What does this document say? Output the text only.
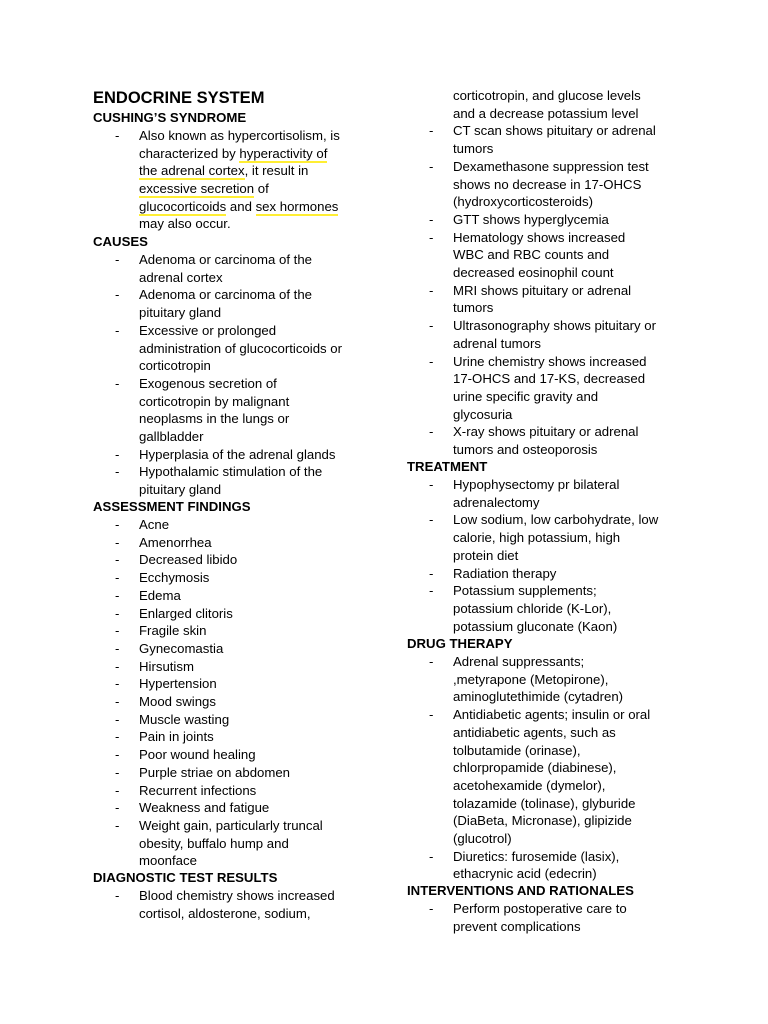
ENDOCRINE SYSTEM
CUSHING’S SYNDROME
- Also known as hypercortisolism, is
characterized by hyperactivity of
the adrenal cortex, it result in
excessive secretion of
glucocorticoids and sex hormones
may also occur.
CAUSES
- Adenoma or carcinoma of the
adrenal cortex
- Adenoma or carcinoma of the
pituitary gland
- Excessive or prolonged
administration of glucocorticoids or
corticotropin
- Exogenous secretion of
corticotropin by malignant
neoplasms in the lungs or
gallbladder
- Hyperplasia of the adrenal glands
- Hypothalamic stimulation of the
pituitary gland
ASSESSMENT FINDINGS
- Acne
- Amenorrhea
- Decreased libido
- Ecchymosis
- Edema
- Enlarged clitoris
- Fragile skin
- Gynecomastia
- Hirsutism
- Hypertension
- Mood swings
- Muscle wasting
- Pain in joints
- Poor wound healing
- Purple striae on abdomen
- Recurrent infections
- Weakness and fatigue
- Weight gain, particularly truncal
obesity, buffalo hump and
moonface
DIAGNOSTIC TEST RESULTS
- Blood chemistry shows increased
cortisol, aldosterone, sodium,
corticotropin, and glucose levels
and a decrease potassium level
- CT scan shows pituitary or adrenal
tumors
- Dexamethasone suppression test
shows no decrease in 17-OHCS
(hydroxycorticosteroids)
- GTT shows hyperglycemia
- Hematology shows increased
WBC and RBC counts and
decreased eosinophil count
- MRI shows pituitary or adrenal
tumors
- Ultrasonography shows pituitary or
adrenal tumors
- Urine chemistry shows increased
17-OHCS and 17-KS, decreased
urine specific gravity and
glycosuria
- X-ray shows pituitary or adrenal
tumors and osteoporosis
TREATMENT
- Hypophysectomy pr bilateral
adrenalectomy
- Low sodium, low carbohydrate, low
calorie, high potassium, high
protein diet
- Radiation therapy
- Potassium supplements;
potassium chloride (K-Lor),
potassium gluconate (Kaon)
DRUG THERAPY
- Adrenal suppressants;
,metyrapone (Metopirone),
aminoglutethimide (cytadren)
- Antidiabetic agents; insulin or oral
antidiabetic agents, such as
tolbutamide (orinase),
chlorpropamide (diabinese),
acetohexamide (dymelor),
tolazamide (tolinase), glyburide
(DiaBeta, Micronase), glipizide
(glucotrol)
- Diuretics: furosemide (lasix),
ethacrynic acid (edecrin)
INTERVENTIONS AND RATIONALES
- Perform postoperative care to
prevent complications
